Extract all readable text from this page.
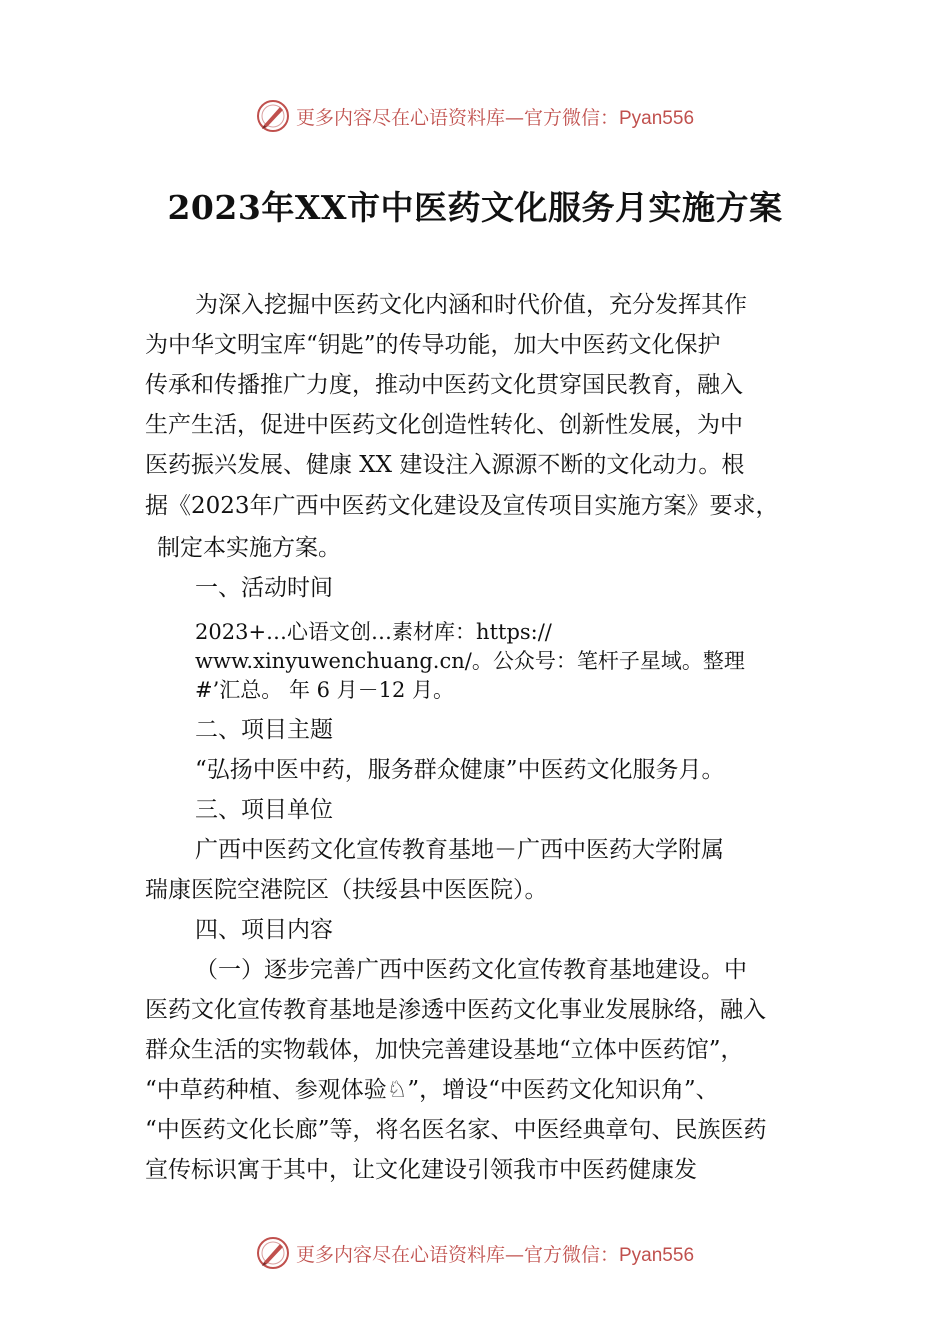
更多内容尽在心语资料库—官方微信：Pyan556
2023年XX市中医药文化服务月实施方案
为深入挖掘中医药文化内涵和时代价值，充分发挥其作
为中华文明宝库“钥匙”的传导功能，加大中医药文化保护
传承和传播推广力度，推动中医药文化贯穿国民教育，融入
生产生活，促进中医药文化创造性转化、创新性发展，为中
医药振兴发展、健康 XX 建设注入源源不断的文化动力。根
据《2023年广西中医药文化建设及宣传项目实施方案》要求，
制定本实施方案。
一、活动时间
2023+…心语文创…素材库：https://
www.xinyuwenchuang.cn/。公众号：笔杆子星域。整理
#’汇总。 年 6 月－12 月。
二、项目主题
“弘扬中医中药，服务群众健康”中医药文化服务月。
三、项目单位
广西中医药文化宣传教育基地－广西中医药大学附属
瑞康医院空港院区（扶绥县中医医院）。
四、项目内容
（一）逐步完善广西中医药文化宣传教育基地建设。中
医药文化宣传教育基地是渗透中医药文化事业发展脉络，融入
群众生活的实物载体，加快完善建设基地“立体中医药馆”，
“中草药种植、参观体验♘”，增设“中医药文化知识角”、
“中医药文化长廊”等，将名医名家、中医经典章句、民族医药
宣传标识寓于其中，让文化建设引领我市中医药健康发
更多内容尽在心语资料库—官方微信：Pyan556
